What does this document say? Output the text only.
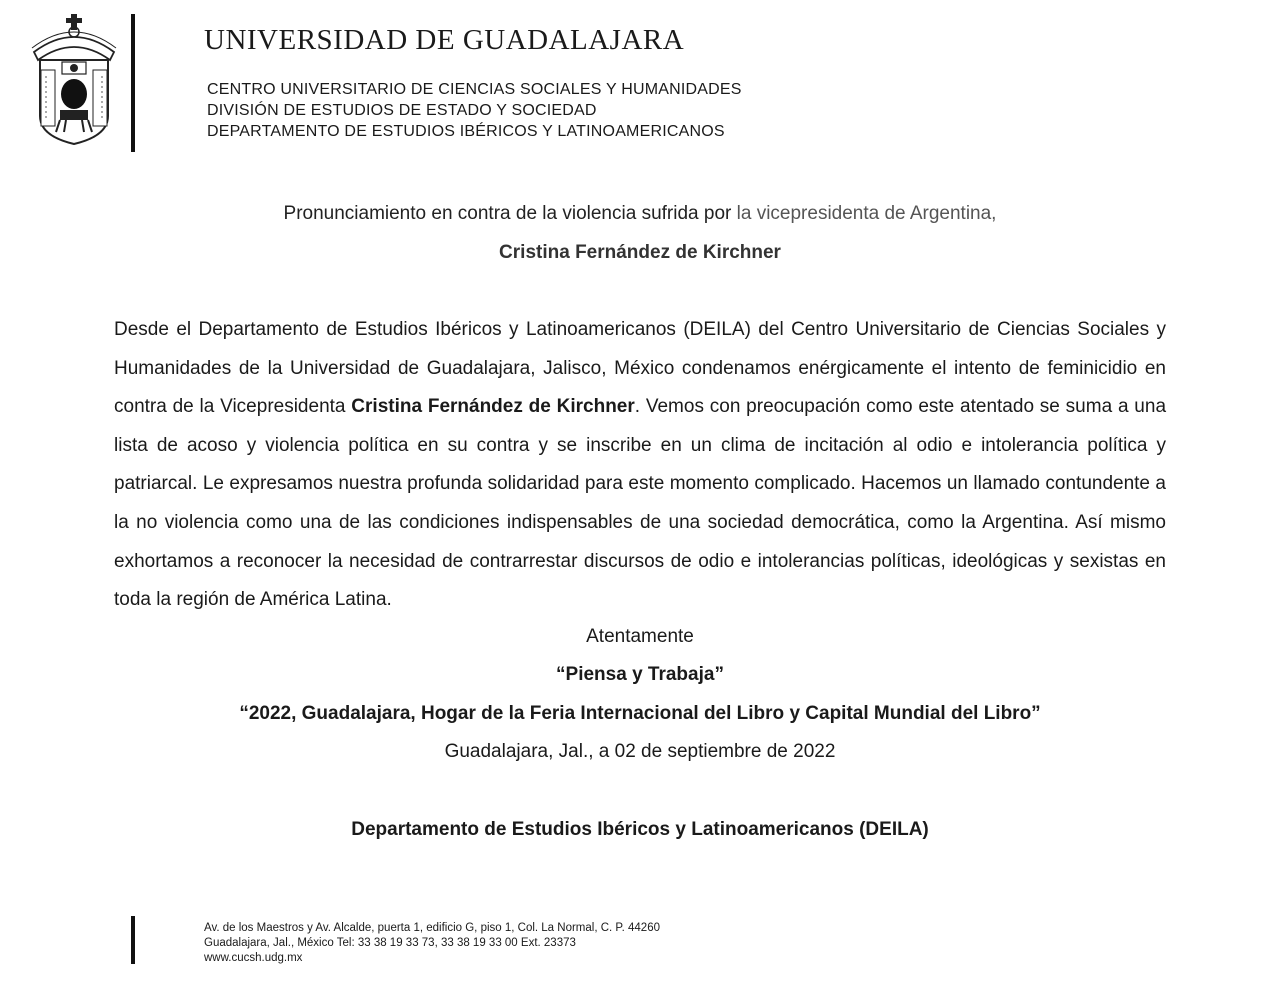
UNIVERSIDAD DE GUADALAJARA
CENTRO UNIVERSITARIO DE CIENCIAS SOCIALES Y HUMANIDADES
DIVISIÓN DE ESTUDIOS DE ESTADO Y SOCIEDAD
DEPARTAMENTO DE ESTUDIOS IBÉRICOS Y LATINOAMERICANOS
Pronunciamiento en contra de la violencia sufrida por la vicepresidenta de Argentina,
Cristina Fernández de Kirchner
Desde el Departamento de Estudios Ibéricos y Latinoamericanos (DEILA) del Centro Universitario de Ciencias Sociales y Humanidades de la Universidad de Guadalajara, Jalisco, México condenamos enérgicamente el intento de feminicidio en contra de la Vicepresidenta Cristina Fernández de Kirchner. Vemos con preocupación como este atentado se suma a una lista de acoso y violencia política en su contra y se inscribe en un clima de incitación al odio e intolerancia política y patriarcal. Le expresamos nuestra profunda solidaridad para este momento complicado. Hacemos un llamado contundente a la no violencia como una de las condiciones indispensables de una sociedad democrática, como la Argentina. Así mismo exhortamos a reconocer la necesidad de contrarrestar discursos de odio e intolerancias políticas, ideológicas y sexistas en toda la región de América Latina.
Atentamente
“Piensa y Trabaja”
“2022, Guadalajara, Hogar de la Feria Internacional del Libro y Capital Mundial del Libro”
Guadalajara, Jal., a 02 de septiembre de 2022
Departamento de Estudios Ibéricos y Latinoamericanos (DEILA)
Av. de los Maestros y Av. Alcalde, puerta 1, edificio G, piso 1, Col. La Normal, C. P. 44260
Guadalajara, Jal., México Tel: 33 38 19 33 73, 33 38 19 33 00 Ext. 23373
www.cucsh.udg.mx
